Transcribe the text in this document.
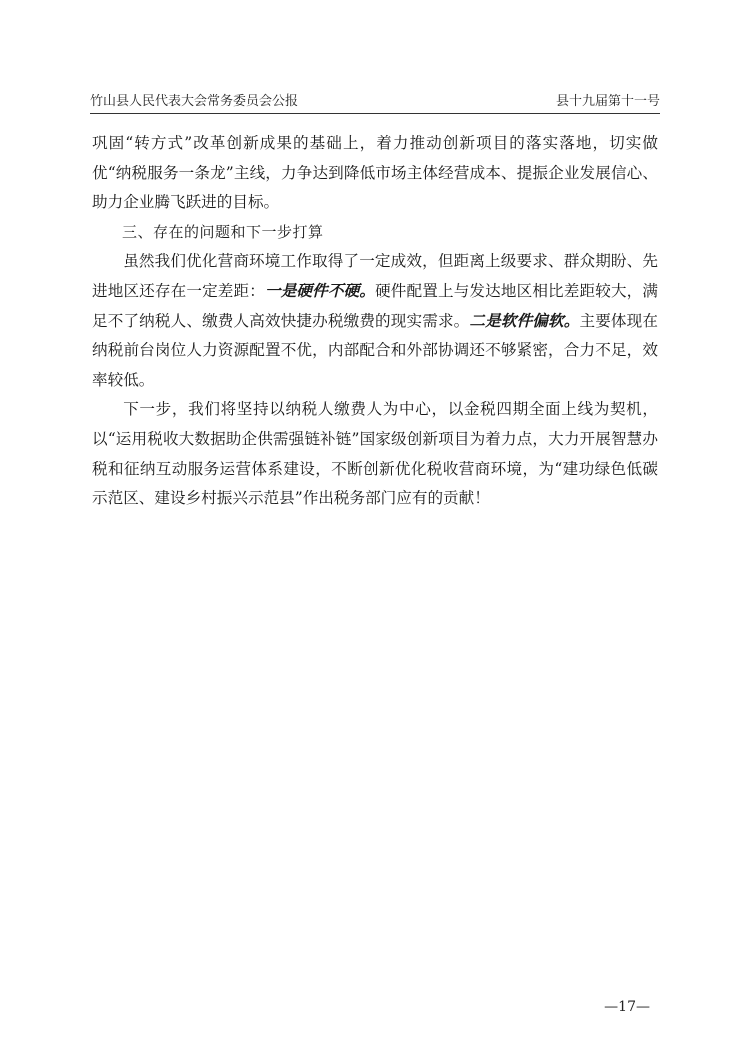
竹山县人民代表大会常务委员会公报	县十九届第十一号

巩固“转方式”改革创新成果的基础上，着力推动创新项目的落实落地，切实做优“纳税服务一条龙”主线，力争达到降低市场主体经营成本、提振企业发展信心、助力企业腾飞跃进的目标。

三、存在的问题和下一步打算

虽然我们优化营商环境工作取得了一定成效，但距离上级要求、群众期盼、先进地区还存在一定差距：一是硬件不硬。硬件配置上与发达地区相比差距较大，满足不了纳税人、缴费人高效快捷办税缴费的现实需求。二是软件偏软。主要体现在纳税前台岗位人力资源配置不优，内部配合和外部协调还不够紧密，合力不足，效率较低。

下一步，我们将坚持以纳税人缴费人为中心，以金税四期全面上线为契机，以“运用税收大数据助企供需强链补链”国家级创新项目为着力点，大力开展智慧办税和征纳互动服务运营体系建设，不断创新优化税收营商环境，为“建功绿色低碳示范区、建设乡村振兴示范县”作出税务部门应有的贡献！

—17—
